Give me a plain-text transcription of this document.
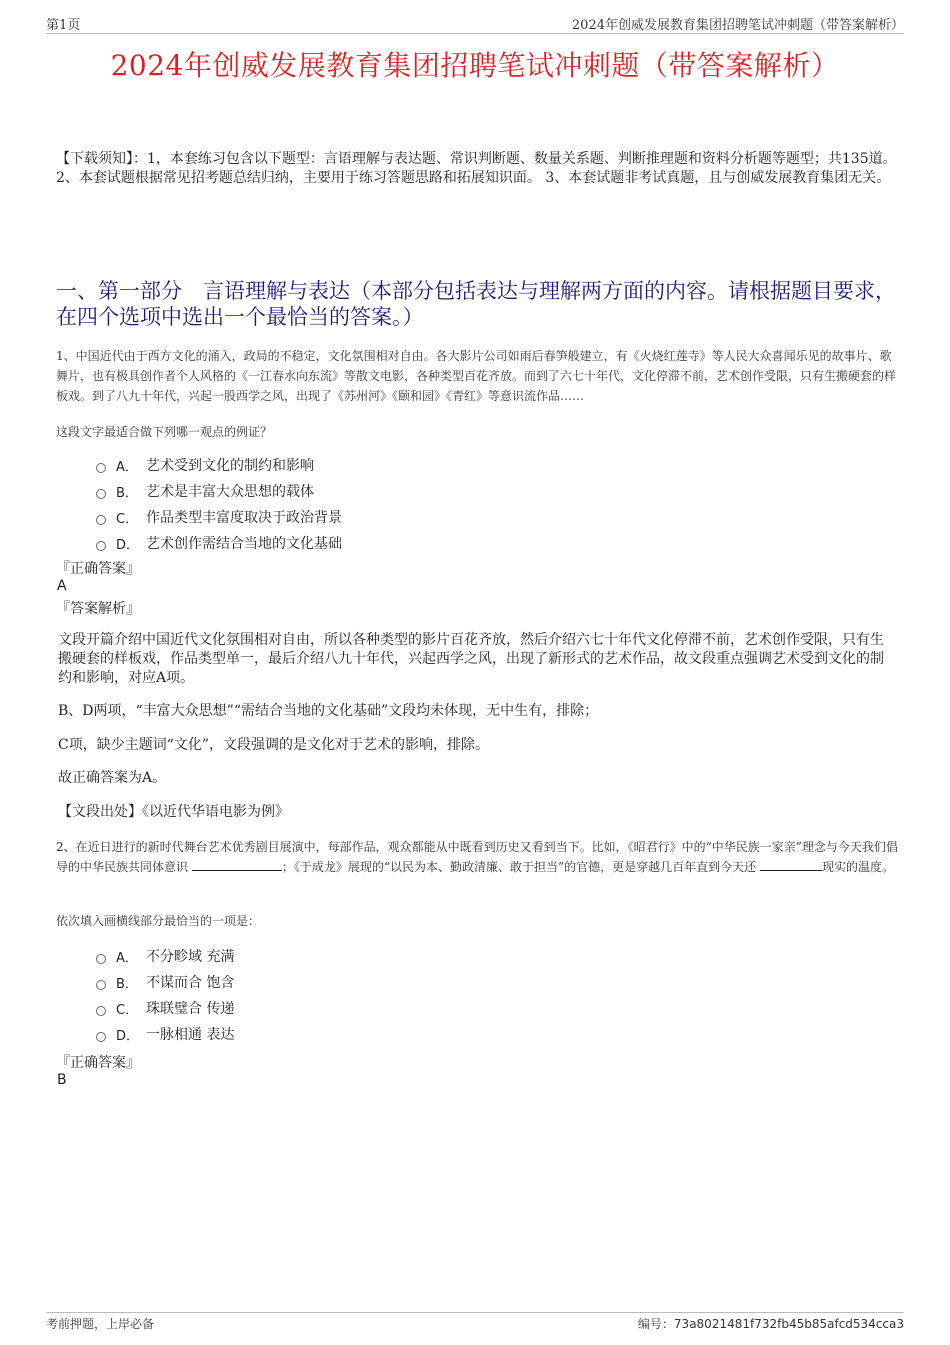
第1页	2024年创威发展教育集团招聘笔试冲刺题（带答案解析）
2024年创威发展教育集团招聘笔试冲刺题（带答案解析）
【下载须知】：1，本套练习包含以下题型：言语理解与表达题、常识判断题、数量关系题、判断推理题和资料分析题等题型；共135道。 2、本套试题根据常见招考题总结归纳，主要用于练习答题思路和拓展知识面。 3、本套试题非考试真题，且与创威发展教育集团无关。
一、第一部分　言语理解与表达（本部分包括表达与理解两方面的内容。请根据题目要求，在四个选项中选出一个最恰当的答案。）
1、中国近代由于西方文化的涌入，政局的不稳定，文化氛围相对自由。各大影片公司如雨后春笋般建立，有《火烧红莲寺》等人民大众喜闻乐见的故事片、歌舞片，也有极具创作者个人风格的《一江春水向东流》等散文电影，各种类型百花齐放。而到了六七十年代，文化停滞不前，艺术创作受限，只有生搬硬套的样板戏。到了八九十年代，兴起一股西学之风，出现了《苏州河》《颐和园》《青红》等意识流作品……
这段文字最适合做下列哪一观点的例证？
A． 艺术受到文化的制约和影响
B． 艺术是丰富大众思想的载体
C． 作品类型丰富度取决于政治背景
D． 艺术创作需结合当地的文化基础
『正确答案』
A
『答案解析』
文段开篇介绍中国近代文化氛围相对自由，所以各种类型的影片百花齐放，然后介绍六七十年代文化停滞不前，艺术创作受限，只有生搬硬套的样板戏，作品类型单一，最后介绍八九十年代，兴起西学之风，出现了新形式的艺术作品，故文段重点强调艺术受到文化的制约和影响，对应A项。
B、D两项，“丰富大众思想”“需结合当地的文化基础”文段均未体现，无中生有，排除；
C项，缺少主题词“文化”，文段强调的是文化对于艺术的影响，排除。
故正确答案为A。
【文段出处】《以近代华语电影为例》
2、在近日进行的新时代舞台艺术优秀剧目展演中，每部作品，观众都能从中既看到历史又看到当下。比如，《昭君行》中的“中华民族一家亲”理念与今天我们倡导的中华民族共同体意识	；《于成龙》展现的“以民为本、勤政清廉、敢于担当”的官德，更是穿越几百年直到今天还	现实的温度。
依次填入画横线部分最恰当的一项是：
A． 不分畛域 充满
B． 不谋而合 饱含
C． 珠联璧合 传递
D． 一脉相通 表达
『正确答案』
B
考前押题，上岸必备	编号：73a8021481f732fb45b85afcd534cca3
